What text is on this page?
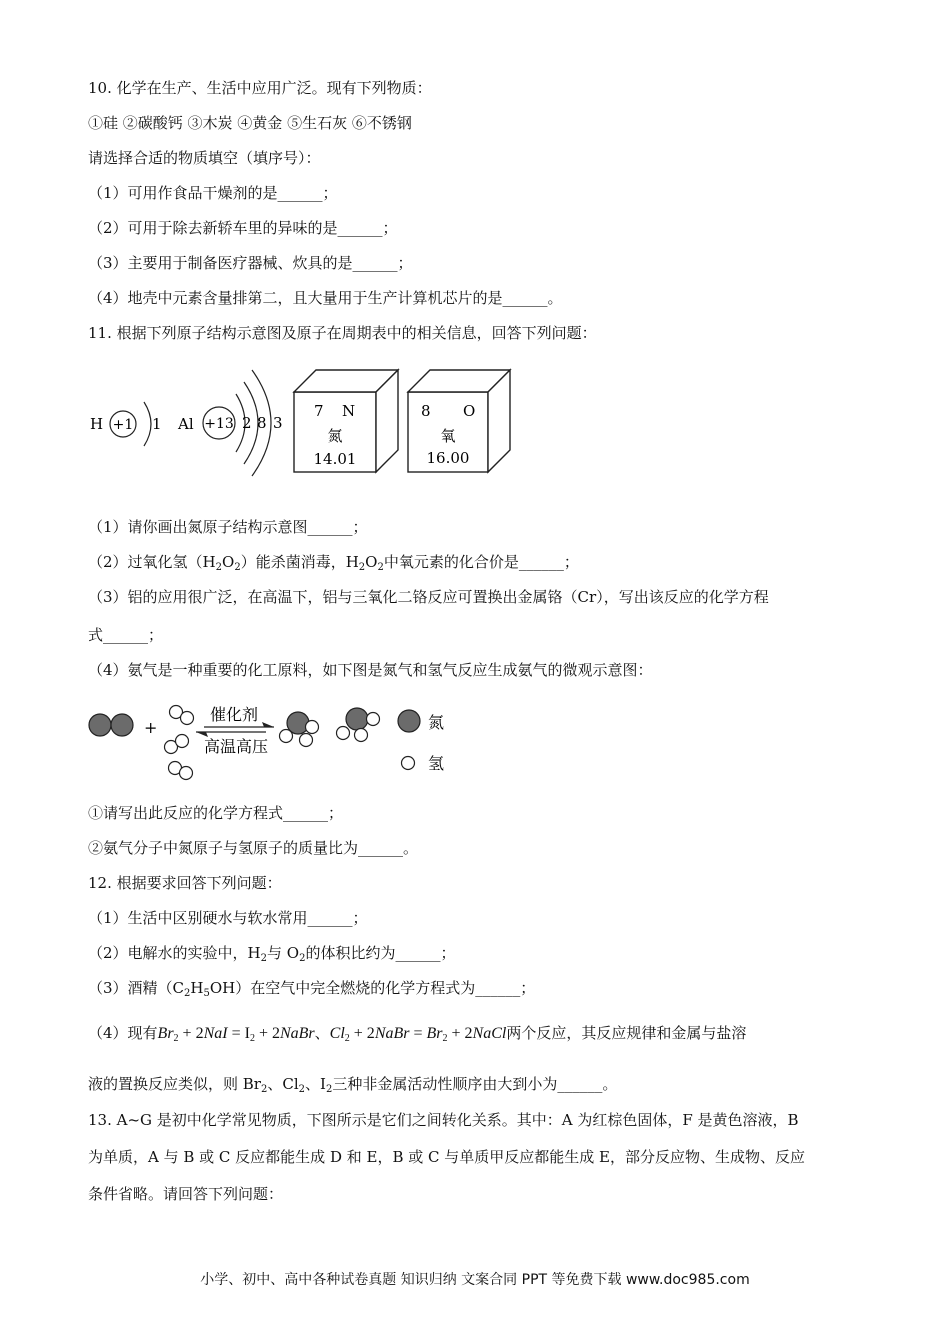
10. 化学在生产、生活中应用广泛。现有下列物质：
①硅 ②碳酸钙 ③木炭 ④黄金 ⑤生石灰 ⑥不锈钢
请选择合适的物质填空（填序号）：
（1）可用作食品干燥剂的是______；
（2）可用于除去新轿车里的异味的是______；
（3）主要用于制备医疗器械、炊具的是______；
（4）地壳中元素含量排第二，且大量用于生产计算机芯片的是______。
11. 根据下列原子结构示意图及原子在周期表中的相关信息，回答下列问题：
H +1 1 Al +13 2 8 3
7 N
氮
14.01
8 O
氧
16.00
（1）请你画出氮原子结构示意图______；
（2）过氧化氢$(H_2O_2)$能杀菌消毒，$H_2O_2$中氧元素的化合价是______；
（3）铝的应用很广泛，在高温下，铝与三氧化二铬反应可置换出金属铬（Cr），写出该反应的化学方程
式______；
（4）氨气是一种重要的化工原料，如下图是氮气和氢气反应生成氨气的微观示意图：
+
催化剂
高温高压
氮
氢
①请写出此反应的化学方程式______；
②氨气分子中氮原子与氢原子的质量比为______。
12. 根据要求回答下列问题：
（1）生活中区别硬水与软水常用______；
（2）电解水的实验中，$H_2$与 $O_2$的体积比约为______；
（3）酒精$(C_2H_5OH)$在空气中完全燃烧的化学方程式为______；
（4）现有$Br_2 + 2NaI = I_2$ + 2NaBr、$Cl_2$ + 2NaBr = $Br_2$ + 2NaCl两个反应，其反应规律和金属与盐溶
液的置换反应类似，则 $Br_2$、$Cl_2$、$I_2$三种非金属活动性顺序由大到小为______。
13. A~G 是初中化学常见物质，下图所示是它们之间转化关系。其中：A 为红棕色固体，F 是黄色溶液，B
为单质，A 与 B 或 C 反应都能生成 D 和 E，B 或 C 与单质甲反应都能生成 E，部分反应物、生成物、反应
条件省略。请回答下列问题：
小学、初中、高中各种试卷真题 知识归纳 文案合同 PPT 等免费下载 www.doc985.com
